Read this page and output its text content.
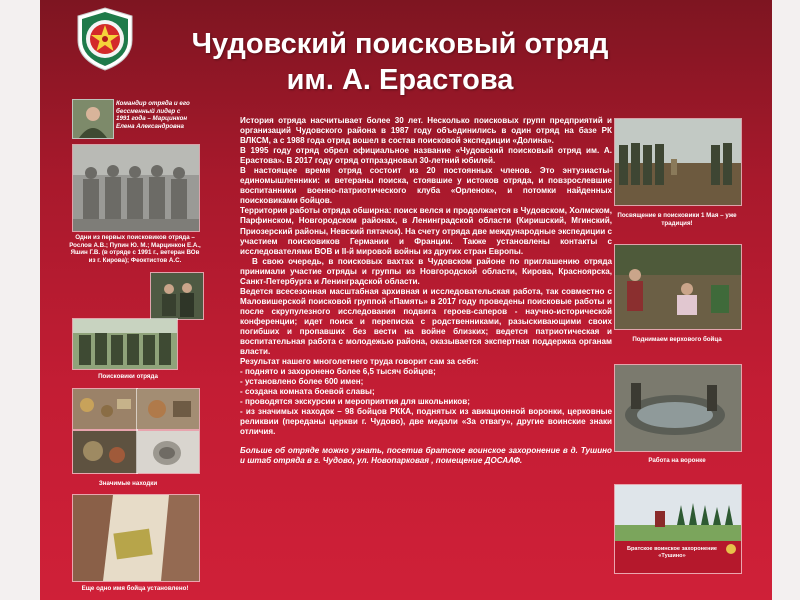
Чудовский поисковый отряд
им. А. Ерастова
Командир отряда и его бессменный лидер с 1991 года – Марцинкон Елена Александровна
Одни из первых поисковиков отряда – Рослов А.В.; Пупин Ю. М.; Марцинкон Е.А., Яшин Г.В. (в отряде с 1991 г., ветеран ВОв из г. Кирова); Феоктистов А.С.
Поисковики отряда
Значимые находки
Еще одно имя бойца установлено!

История отряда насчитывает более 30 лет. Несколько поисковых групп предприятий и организаций Чудовского района в 1987 году объединились в один отряд на базе РК ВЛКСМ, а с 1988 года отряд вошел в состав поисковой экспедиции «Долина».

В 1995 году отряд обрел официальное название «Чудовский поисковый отряд им. А. Ерастова». В 2017 году отряд отпраздновал 30-летний юбилей.

В настоящее время отряд состоит из 20 постоянных членов. Это энтузиасты-единомышленники: и ветераны поиска, стоявшие у истоков отряда, и повзрослевшие воспитанники военно-патриотического клуба «Орленок», и потомки найденных поисковиками бойцов.

Территория работы отряда обширна: поиск велся и продолжается в Чудовском, Холмском, Парфинском, Новгородском районах, в Ленинградской области (Киришский, Мгинский, Приозерский районы, Невский пятачок). На счету отряда две международные экспедиции с участием поисковиков Германии и Франции. Также установлены контакты с исследователями ВОВ и II-й мировой войны из других стран Европы.

В свою очередь, в поисковых вахтах в Чудовском районе по приглашению отряда принимали участие отряды и группы из Новгородской области, Кирова, Красноярска, Санкт-Петербурга и Ленинградской области.

Ведется всесезонная масштабная архивная и исследовательская работа, так совместно с Маловишерской поисковой группой «Память» в 2017 году проведены поисковые работы и после скрупулезного исследования подвига героев-саперов - научно-исторической конференции; идет поиск и переписка с родственниками, разыскивающими своих погибших и пропавших без вести на войне близких; ведется патриотическая и воспитательная работа с молодежью района, оказывается экспертная поддержка органам власти.

Результат нашего многолетнего труда говорит сам за себя:

- поднято и захоронено более 6,5 тысяч бойцов;

- установлено более 600 имен;

- создана комната боевой славы;

- проводятся экскурсии и мероприятия для школьников;

- из значимых находок – 98 бойцов РККА, поднятых из авиационной воронки, церковные реликвии (переданы церкви г. Чудово), две медали «За отвагу», другие воинские знаки отличия.

Больше об отряде можно узнать, посетив братское воинское захоронение в д. Тушино и штаб отряда в г. Чудово, ул. Новопарковая , помещение ДОСААФ.

Посвящение в поисковики 1 Мая – уже традиция!
Поднимаем верхового бойца
Работа на воронке
Братское воинское захоронение «Тушино»
